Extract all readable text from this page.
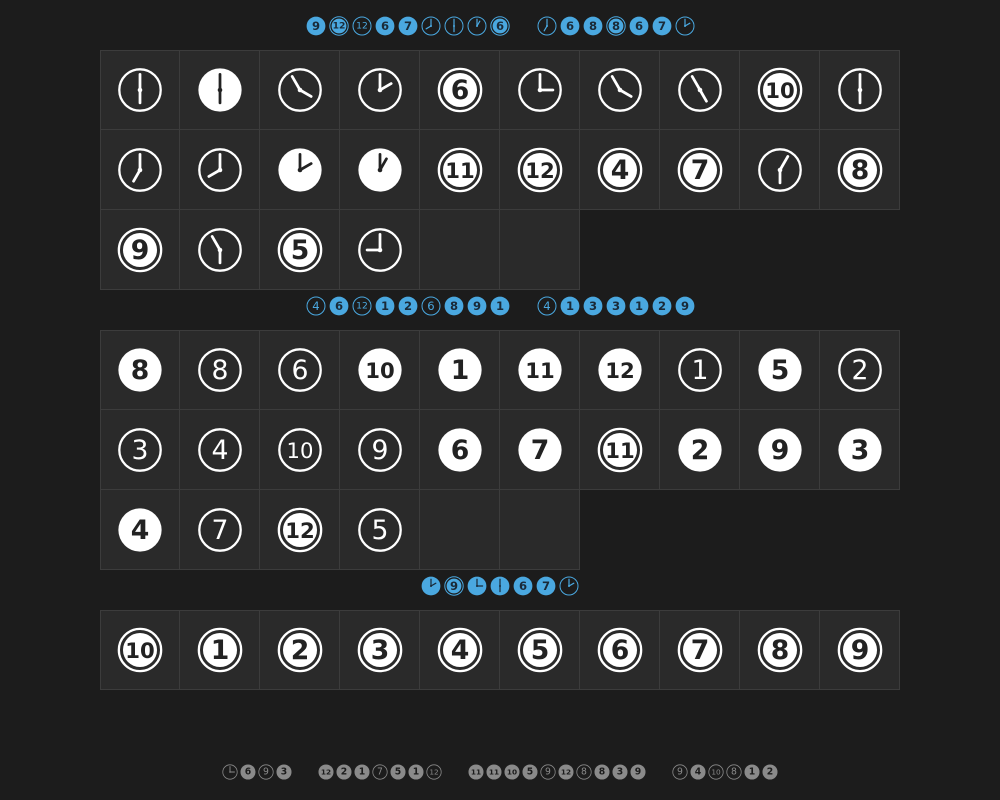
9 12 12 6 7 6 6 8 8 6 7
4 6 12 1 2 6 8 9 1 4 1 3 3 1 2 9
9 6 7
6 9 3 12 2 1 7 5 1 12 11 11 10 5 9 12 8 8 3 9 9 4 10 8 1 2
6	10
11 12 4 7 8
9 5
8 8 6 10 1 11 12 1 5 2
3 4 10 9 6 7 11 2 9 3
4 7 12 5
10 1 2 3 4 5 6 7 8 9
